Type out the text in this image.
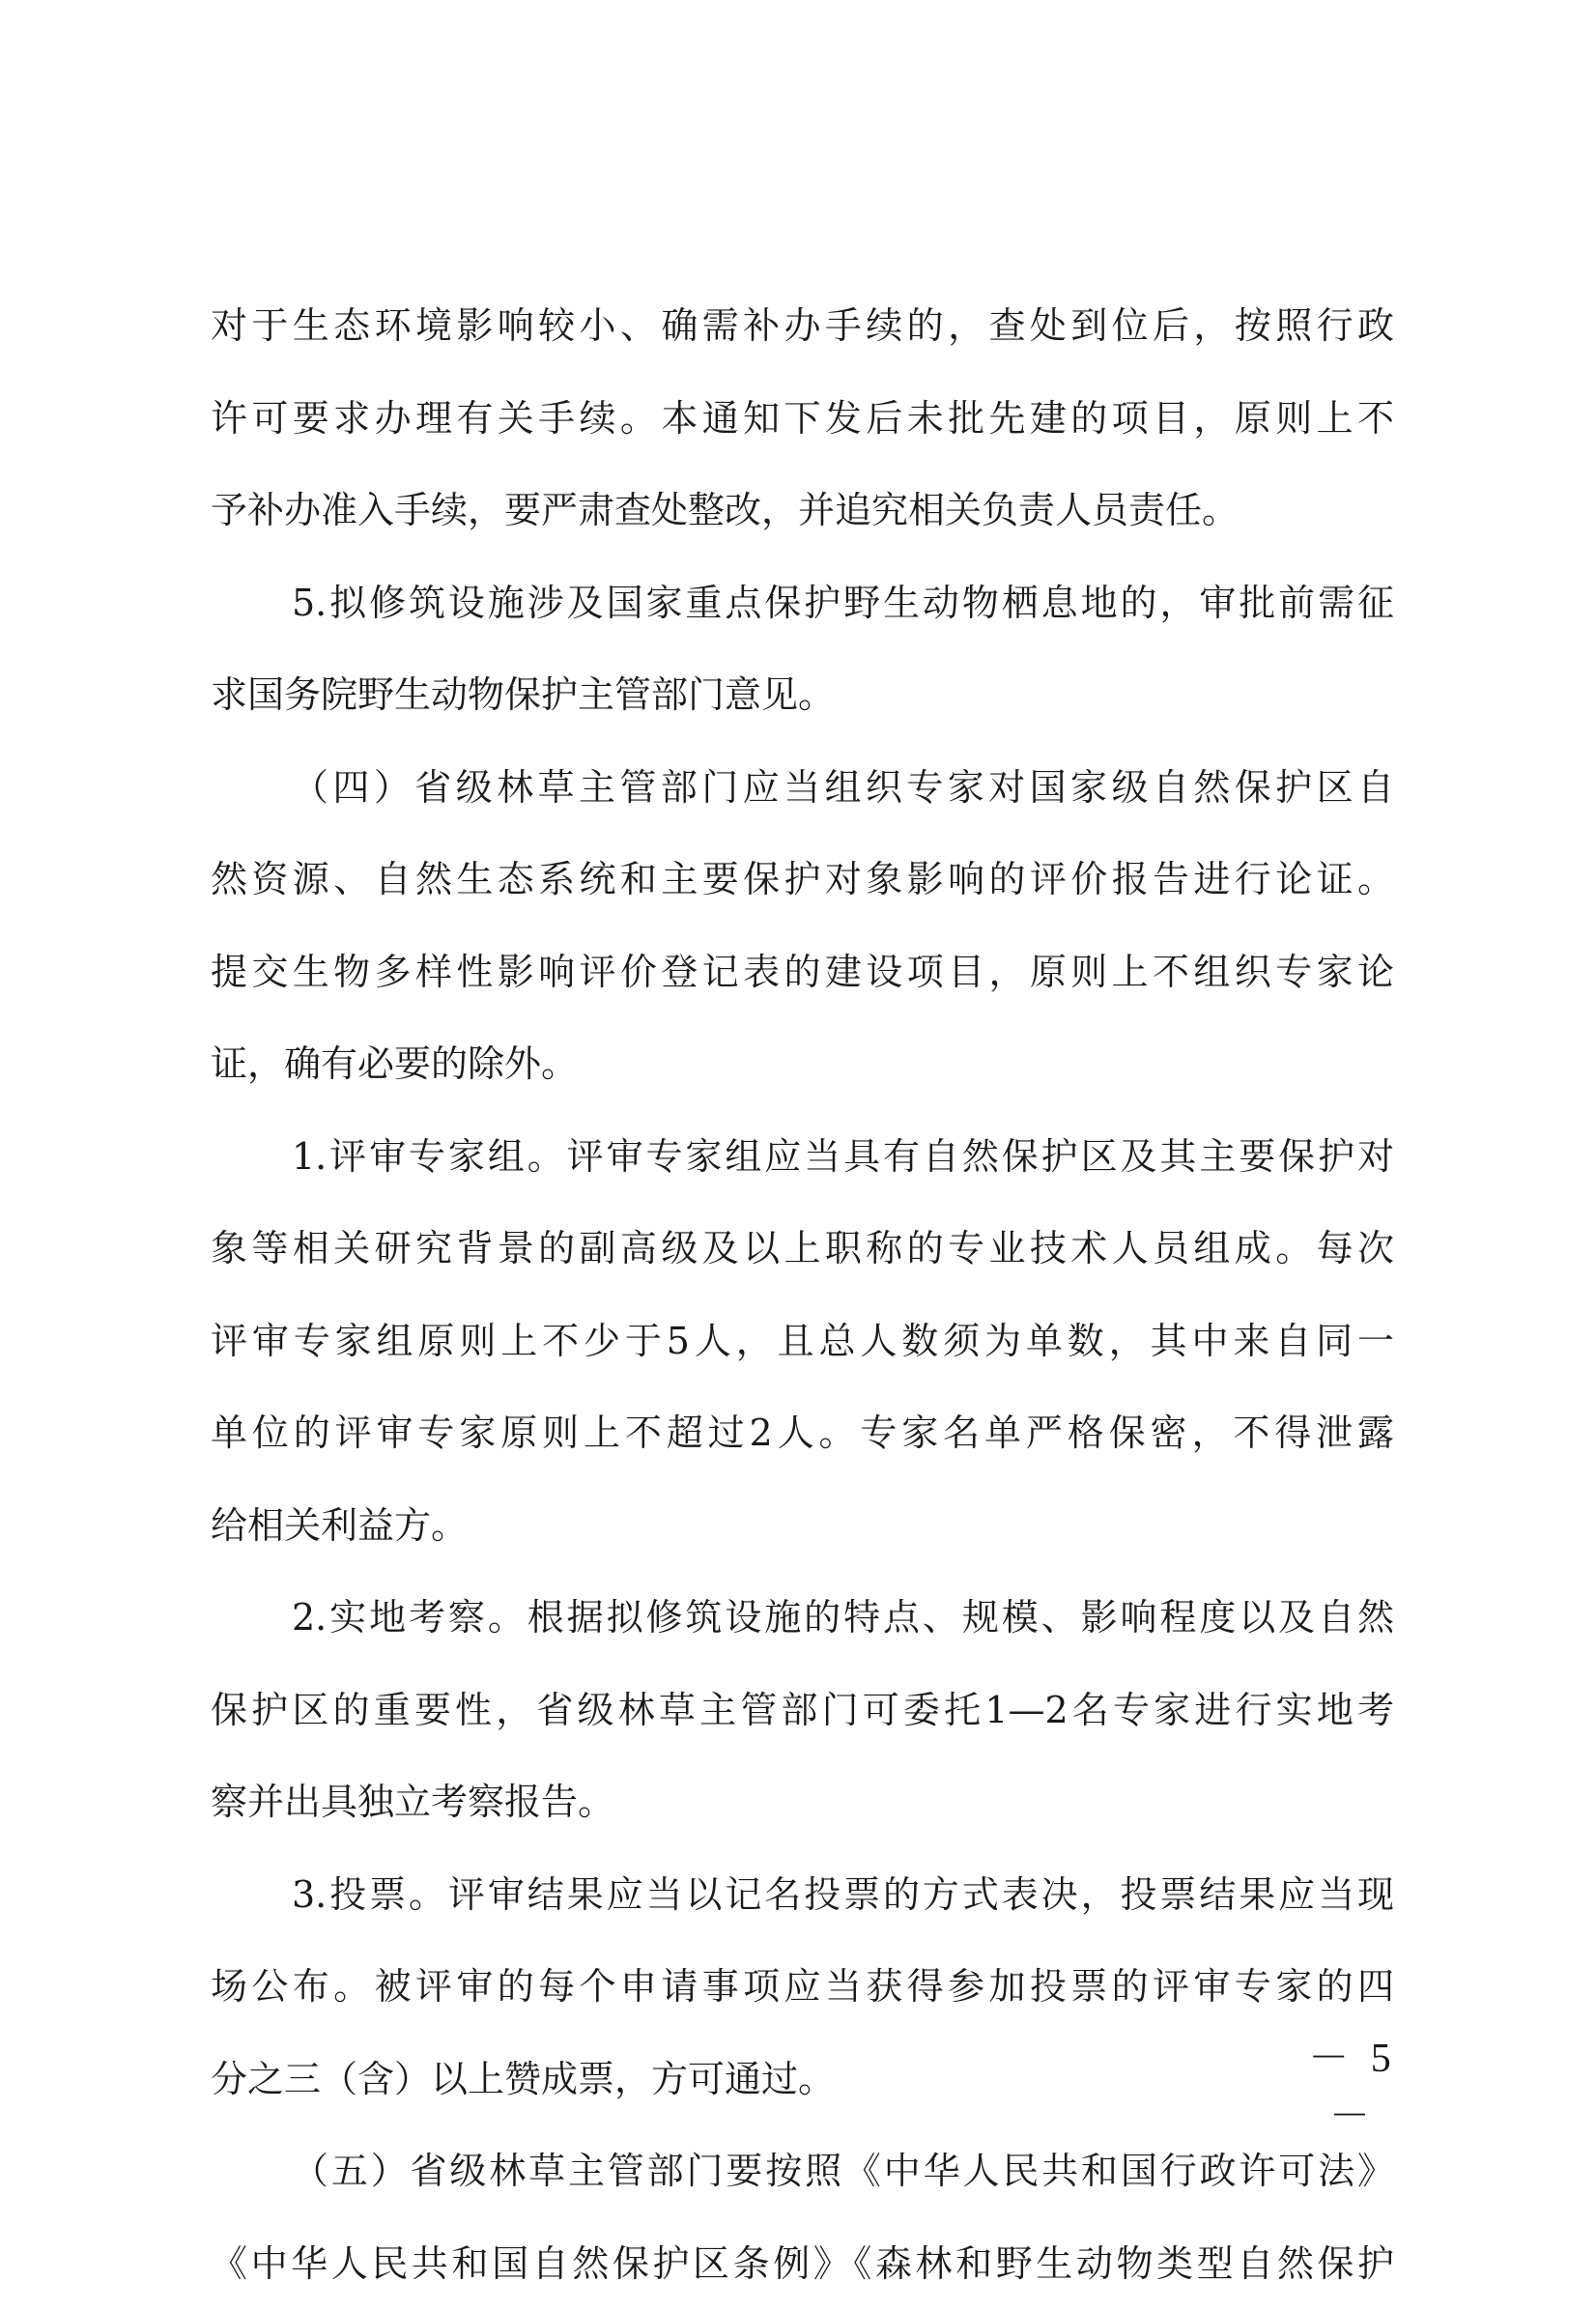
对于生态环境影响较小、确需补办手续的，查处到位后，按照行政
许可要求办理有关手续。本通知下发后未批先建的项目，原则上不
予补办准入手续，要严肃查处整改，并追究相关负责人员责任。
5.拟修筑设施涉及国家重点保护野生动物栖息地的，审批前需征
求国务院野生动物保护主管部门意见。
（四）省级林草主管部门应当组织专家对国家级自然保护区自
然资源、自然生态系统和主要保护对象影响的评价报告进行论证。
提交生物多样性影响评价登记表的建设项目，原则上不组织专家论
证，确有必要的除外。
1.评审专家组。评审专家组应当具有自然保护区及其主要保护对
象等相关研究背景的副高级及以上职称的专业技术人员组成。每次
评审专家组原则上不少于5人，且总人数须为单数，其中来自同一
单位的评审专家原则上不超过2人。专家名单严格保密，不得泄露
给相关利益方。
2.实地考察。根据拟修筑设施的特点、规模、影响程度以及自然
保护区的重要性，省级林草主管部门可委托1—2名专家进行实地考
察并出具独立考察报告。
3.投票。评审结果应当以记名投票的方式表决，投票结果应当现
场公布。被评审的每个申请事项应当获得参加投票的评审专家的四
分之三（含）以上赞成票，方可通过。
（五）省级林草主管部门要按照《中华人民共和国行政许可法》
《中华人民共和国自然保护区条例》《森林和野生动物类型自然保护
－ 5 －
